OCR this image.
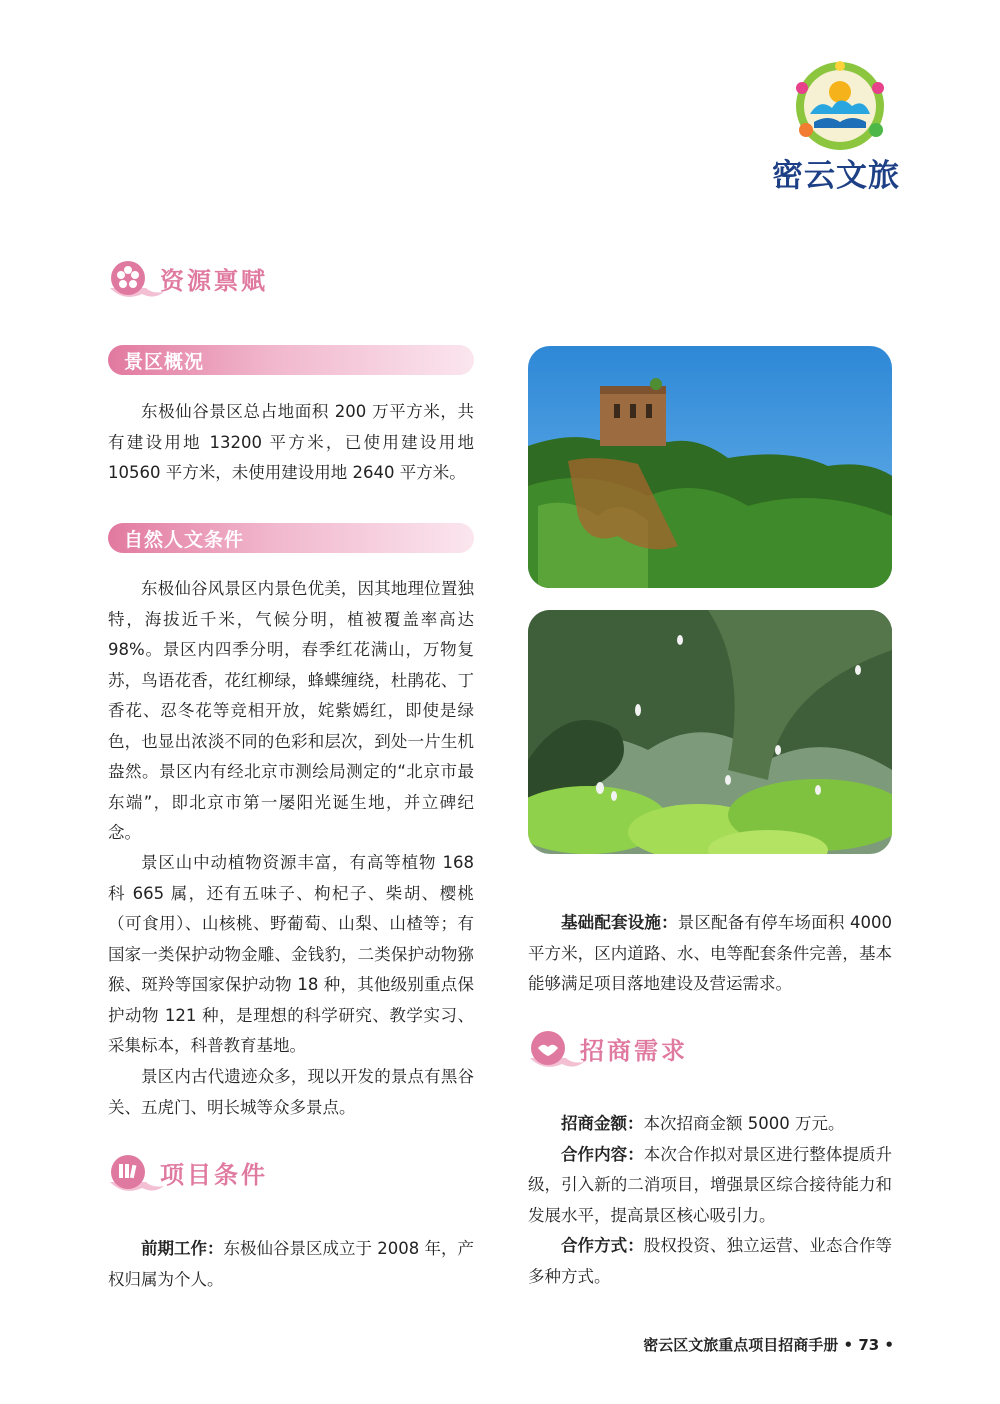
密云文旅
资源禀赋
景区概况

东极仙谷景区总占地面积 200 万平方米，共有建设用地 13200 平方米，已使用建设用地 10560 平方米，未使用建设用地 2640 平方米。

自然人文条件

东极仙谷风景区内景色优美，因其地理位置独特，海拔近千米，气候分明，植被覆盖率高达 98%。景区内四季分明，春季红花满山，万物复苏，鸟语花香，花红柳绿，蜂蝶缠绕，杜鹃花、丁香花、忍冬花等竞相开放，姹紫嫣红，即使是绿色，也显出浓淡不同的色彩和层次，到处一片生机盎然。景区内有经北京市测绘局测定的“北京市最东端”，即北京市第一屡阳光诞生地，并立碑纪念。

景区山中动植物资源丰富，有高等植物 168 科 665 属，还有五味子、枸杞子、柴胡、樱桃（可食用）、山核桃、野葡萄、山梨、山楂等；有国家一类保护动物金雕、金钱豹，二类保护动物猕猴、斑羚等国家保护动物 18 种，其他级别重点保护动物 121 种，是理想的科学研究、教学实习、采集标本，科普教育基地。

景区内古代遗迹众多，现以开发的景点有黑谷关、五虎门、明长城等众多景点。

项目条件

前期工作：东极仙谷景区成立于 2008 年，产权归属为个人。

基础配套设施：景区配备有停车场面积 4000 平方米，区内道路、水、电等配套条件完善，基本能够满足项目落地建设及营运需求。

招商需求

招商金额：本次招商金额 5000 万元。

合作内容：本次合作拟对景区进行整体提质升级，引入新的二消项目，增强景区综合接待能力和发展水平，提高景区核心吸引力。

合作方式：股权投资、独立运营、业态合作等多种方式。

密云区文旅重点项目招商手册 • 73 •
